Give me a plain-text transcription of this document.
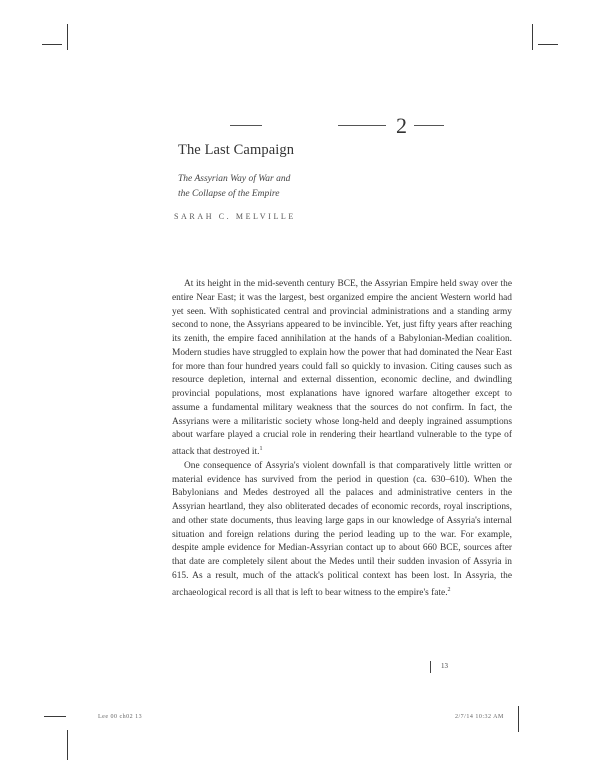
2
The Last Campaign
The Assyrian Way of War and
the Collapse of the Empire
SARAH C. MELVILLE

At its height in the mid-seventh century BCE, the Assyrian Empire held sway over the entire Near East; it was the largest, best organized empire the ancient Western world had yet seen. With sophisticated central and provincial administrations and a standing army second to none, the Assyrians appeared to be invincible. Yet, just fifty years after reaching its zenith, the empire faced annihilation at the hands of a Babylonian-Median coalition. Modern studies have struggled to explain how the power that had dominated the Near East for more than four hundred years could fall so quickly to invasion. Citing causes such as resource depletion, internal and external dissention, economic decline, and dwindling provincial populations, most explanations have ignored warfare altogether except to assume a fundamental military weakness that the sources do not confirm. In fact, the Assyrians were a militaristic society whose long-held and deeply ingrained assumptions about warfare played a crucial role in rendering their heartland vulnerable to the type of attack that destroyed it.$^1$

One consequence of Assyria's violent downfall is that comparatively little written or material evidence has survived from the period in question (ca. 630–610). When the Babylonians and Medes destroyed all the palaces and administrative centers in the Assyrian heartland, they also obliterated decades of economic records, royal inscriptions, and other state documents, thus leaving large gaps in our knowledge of Assyria's internal situation and foreign relations during the period leading up to the war. For example, despite ample evidence for Median-Assyrian contact up to about 660 BCE, sources after that date are completely silent about the Medes until their sudden invasion of Assyria in 615. As a result, much of the attack's political context has been lost. In Assyria, the archaeological record is all that is left to bear witness to the empire's fate.$^2$

13
Lee 00 ch02 13	2/7/14 10:32 AM
